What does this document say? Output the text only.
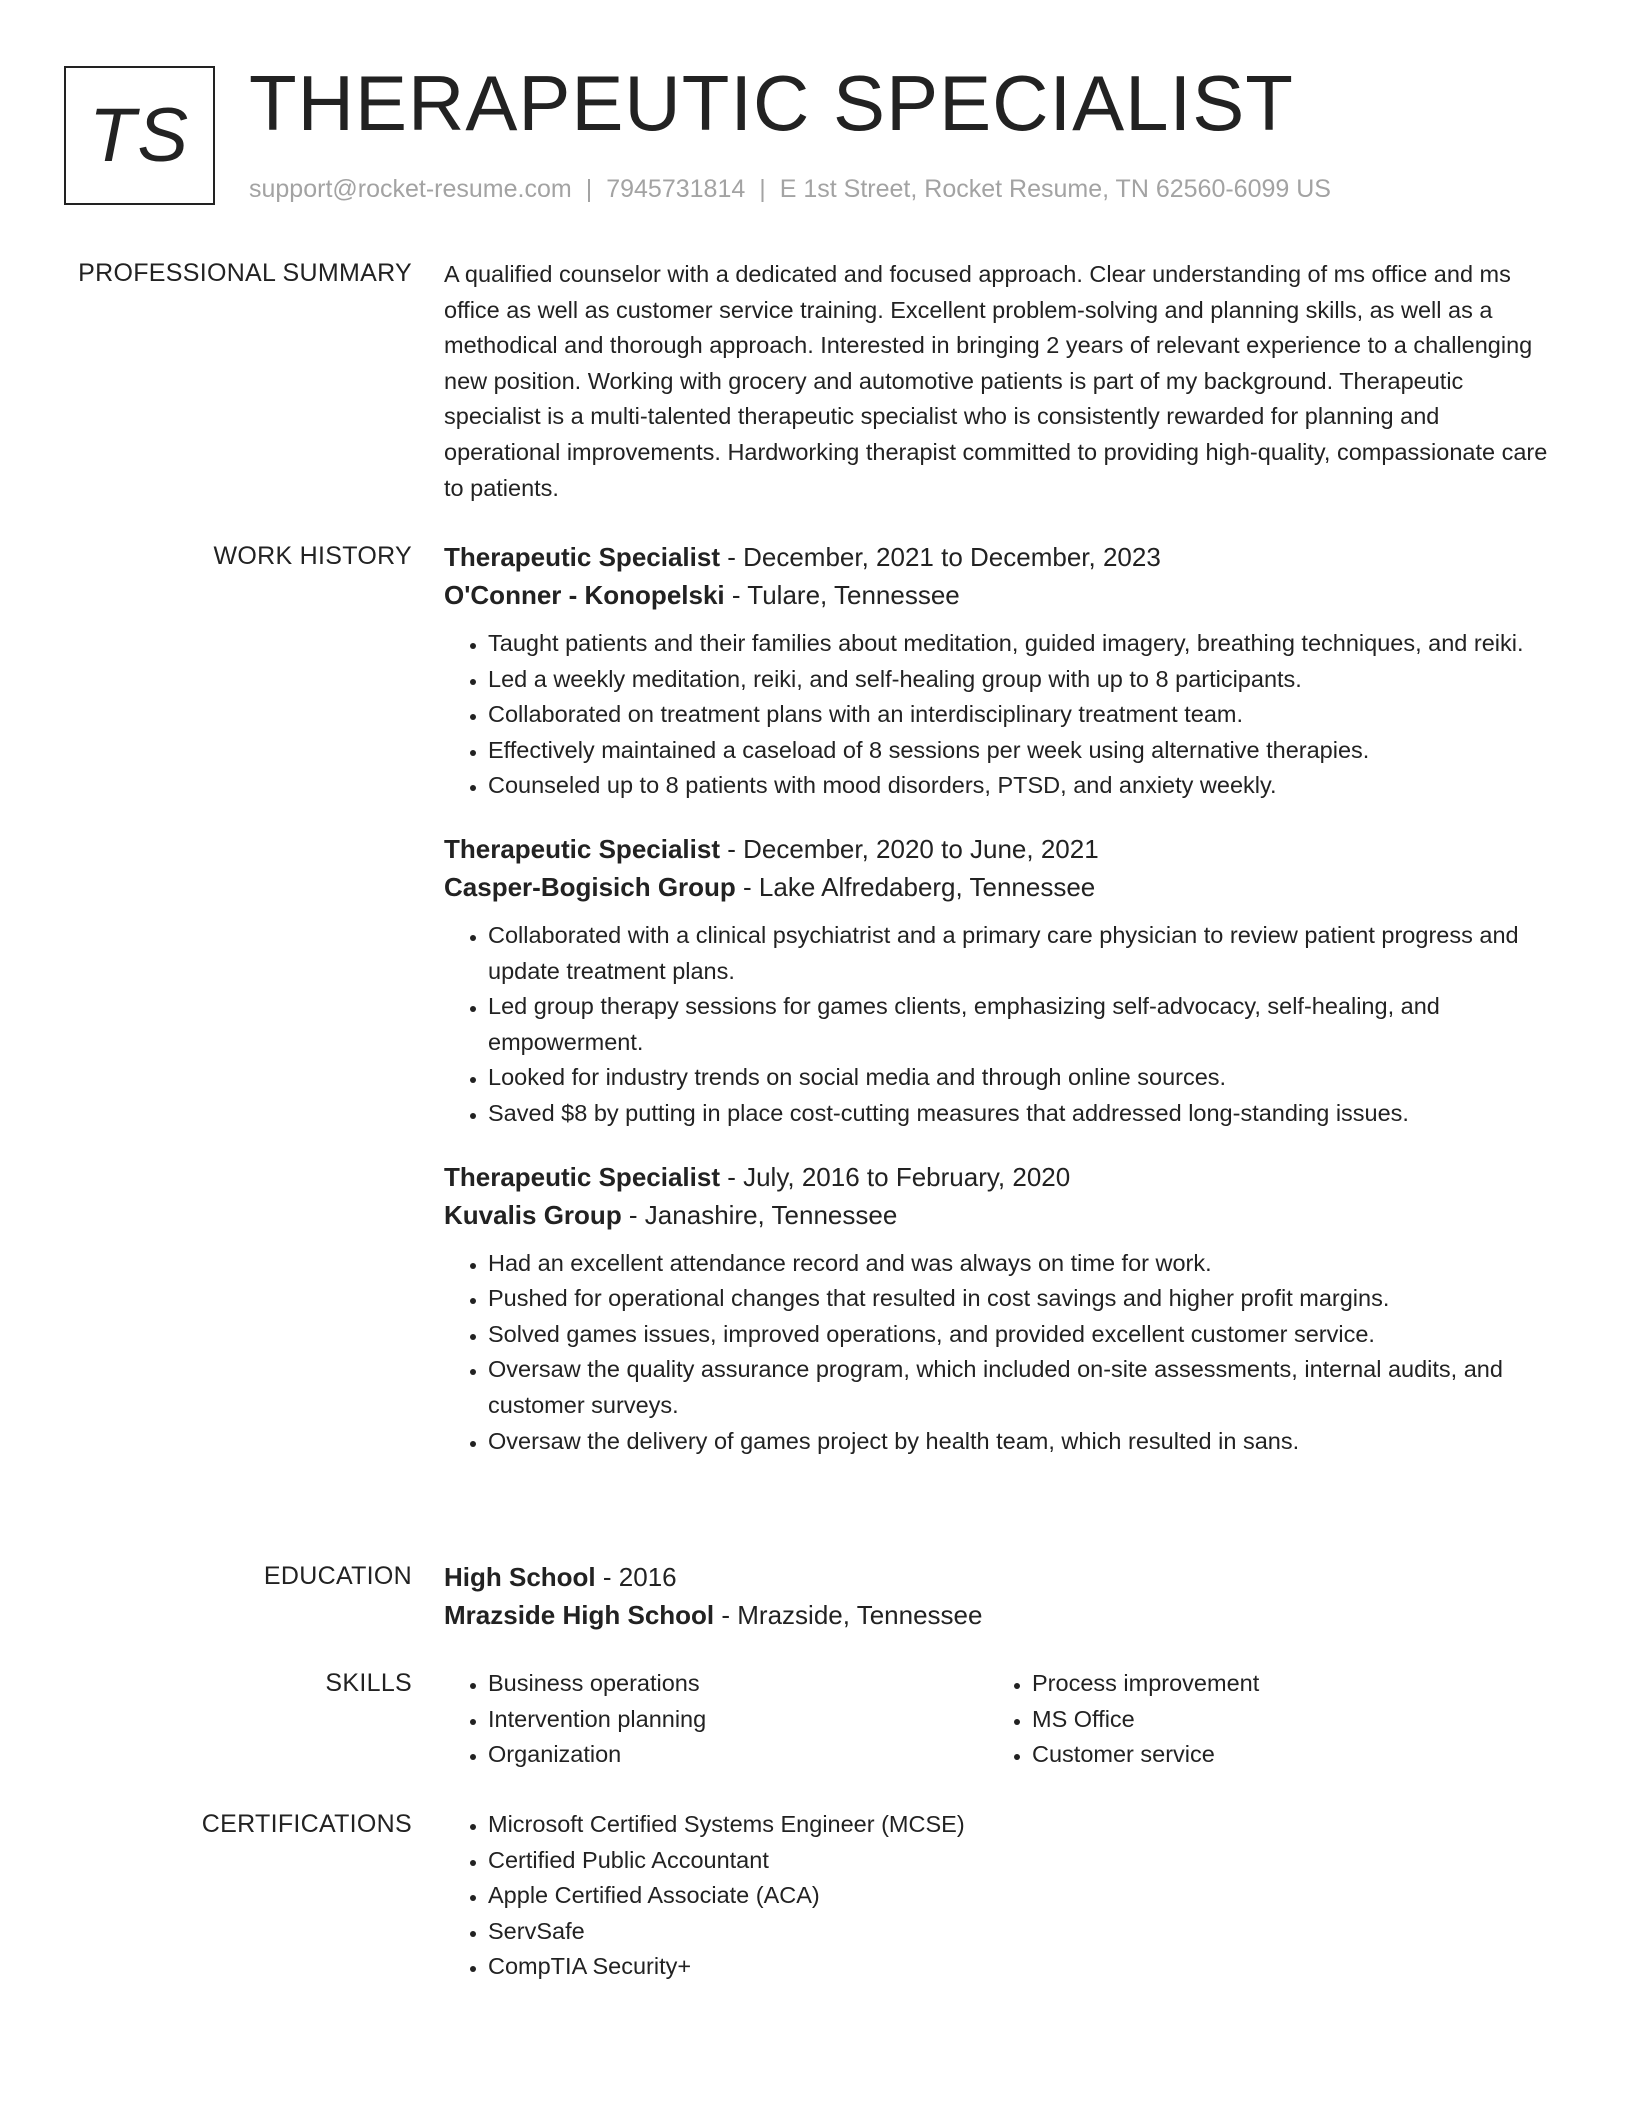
TS THERAPEUTIC SPECIALIST
support@rocket-resume.com | 7945731814 | E 1st Street, Rocket Resume, TN 62560-6099 US
PROFESSIONAL SUMMARY A qualified counselor with a dedicated and focused approach. Clear understanding of ms office and ms office as well as customer service training. Excellent problem-solving and planning skills, as well as a methodical and thorough approach. Interested in bringing 2 years of relevant experience to a challenging new position. Working with grocery and automotive patients is part of my background. Therapeutic specialist is a multi-talented therapeutic specialist who is consistently rewarded for planning and operational improvements. Hardworking therapist committed to providing high-quality, compassionate care to patients.

WORK HISTORY Therapeutic Specialist - December, 2021 to December, 2023
O'Conner - Konopelski - Tulare, Tennessee
• Taught patients and their families about meditation, guided imagery, breathing techniques, and reiki.
• Led a weekly meditation, reiki, and self-healing group with up to 8 participants.
• Collaborated on treatment plans with an interdisciplinary treatment team.
• Effectively maintained a caseload of 8 sessions per week using alternative therapies.
• Counseled up to 8 patients with mood disorders, PTSD, and anxiety weekly.
Therapeutic Specialist - December, 2020 to June, 2021
Casper-Bogisich Group - Lake Alfredaberg, Tennessee
• Collaborated with a clinical psychiatrist and a primary care physician to review patient progress and update treatment plans.
• Led group therapy sessions for games clients, emphasizing self-advocacy, self-healing, and empowerment.
• Looked for industry trends on social media and through online sources.
• Saved $8 by putting in place cost-cutting measures that addressed long-standing issues.
Therapeutic Specialist - July, 2016 to February, 2020
Kuvalis Group - Janashire, Tennessee
• Had an excellent attendance record and was always on time for work.
• Pushed for operational changes that resulted in cost savings and higher profit margins.
• Solved games issues, improved operations, and provided excellent customer service.
• Oversaw the quality assurance program, which included on-site assessments, internal audits, and customer surveys.
• Oversaw the delivery of games project by health team, which resulted in sans.
EDUCATION High School - 2016
Mrazside High School - Mrazside, Tennessee
SKILLS	• Business operations
• Intervention planning
• Organization
• Process improvement
• MS Office
• Customer service
CERTIFICATIONS	• Microsoft Certified Systems Engineer (MCSE)
• Certified Public Accountant
• Apple Certified Associate (ACA)
• ServSafe
• CompTIA Security+
